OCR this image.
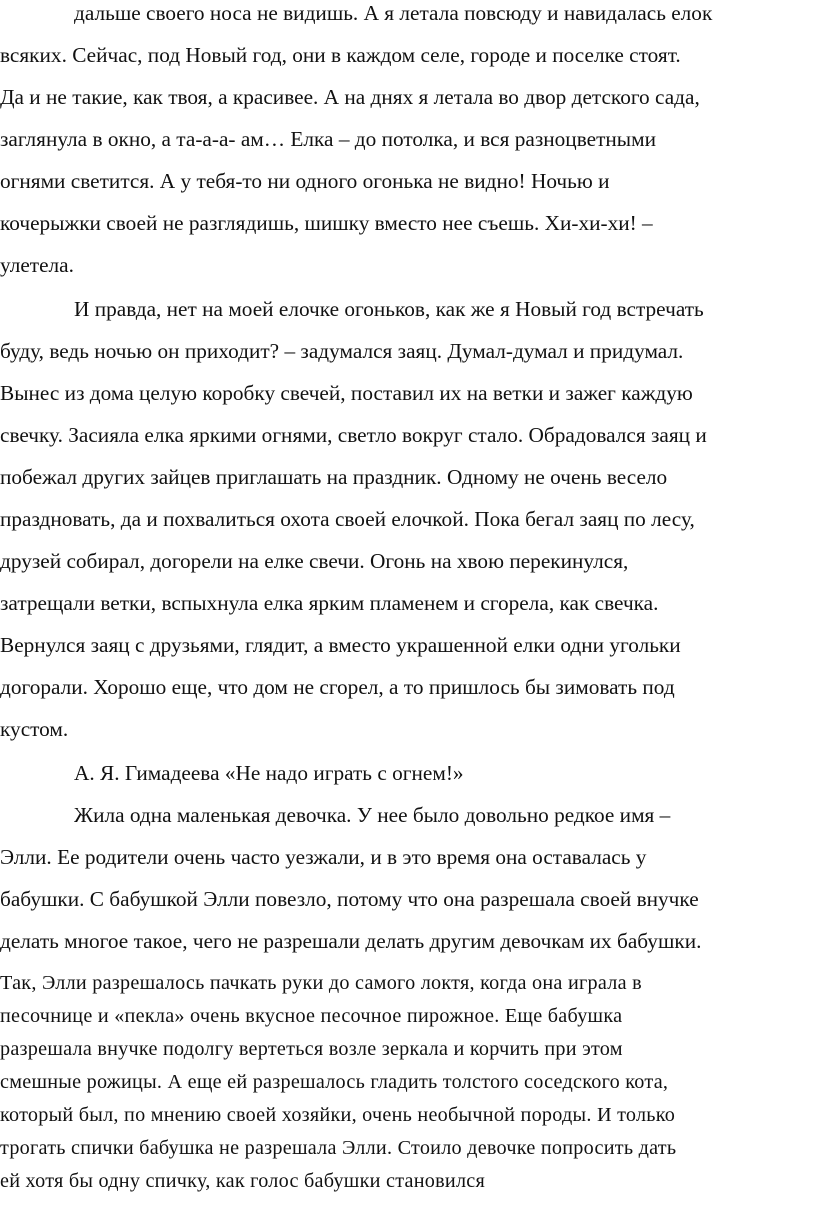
дальше своего носа не видишь. А я летала повсюду и навидалась елок

всяких. Сейчас, под Новый год, они в каждом селе, городе и поселке стоят.

Да и не такие, как твоя, а красивее. А на днях я летала во двор детского сада,

заглянула в окно, а та-а-а- ам… Елка – до потолка, и вся разноцветными

огнями светится. А у тебя-то ни одного огонька не видно! Ночью и

кочерыжки своей не разглядишь, шишку вместо нее съешь. Хи-хи-хи! –

улетела.

И правда, нет на моей елочке огоньков, как же я Новый год встречать

буду, ведь ночью он приходит? – задумался заяц. Думал-думал и придумал.

Вынес из дома целую коробку свечей, поставил их на ветки и зажег каждую

свечку. Засияла елка яркими огнями, светло вокруг стало. Обрадовался заяц и

побежал других зайцев приглашать на праздник. Одному не очень весело

праздновать, да и похвалиться охота своей елочкой. Пока бегал заяц по лесу,

друзей собирал, догорели на елке свечи. Огонь на хвою перекинулся,

затрещали ветки, вспыхнула елка ярким пламенем и сгорела, как свечка.

Вернулся заяц с друзьями, глядит, а вместо украшенной елки одни угольки

догорали. Хорошо еще, что дом не сгорел, а то пришлось бы зимовать под

кустом.

А. Я. Гимадеева «Не надо играть с огнем!»

Жила одна маленькая девочка. У нее было довольно редкое имя –

Элли. Ее родители очень часто уезжали, и в это время она оставалась у

бабушки. С бабушкой Элли повезло, потому что она разрешала своей внучке

делать многое такое, чего не разрешали делать другим девочкам их бабушки.

Так, Элли разрешалось пачкать руки до самого локтя, когда она играла в

песочнице и «пекла» очень вкусное песочное пирожное. Еще бабушка

разрешала внучке подолгу вертеться возле зеркала и корчить при этом

смешные рожицы. А еще ей разрешалось гладить толстого соседского кота,

который был, по мнению своей хозяйки, очень необычной породы. И только

трогать спички бабушка не разрешала Элли. Стоило девочке попросить дать

ей хотя бы одну спичку, как голос бабушки становился
